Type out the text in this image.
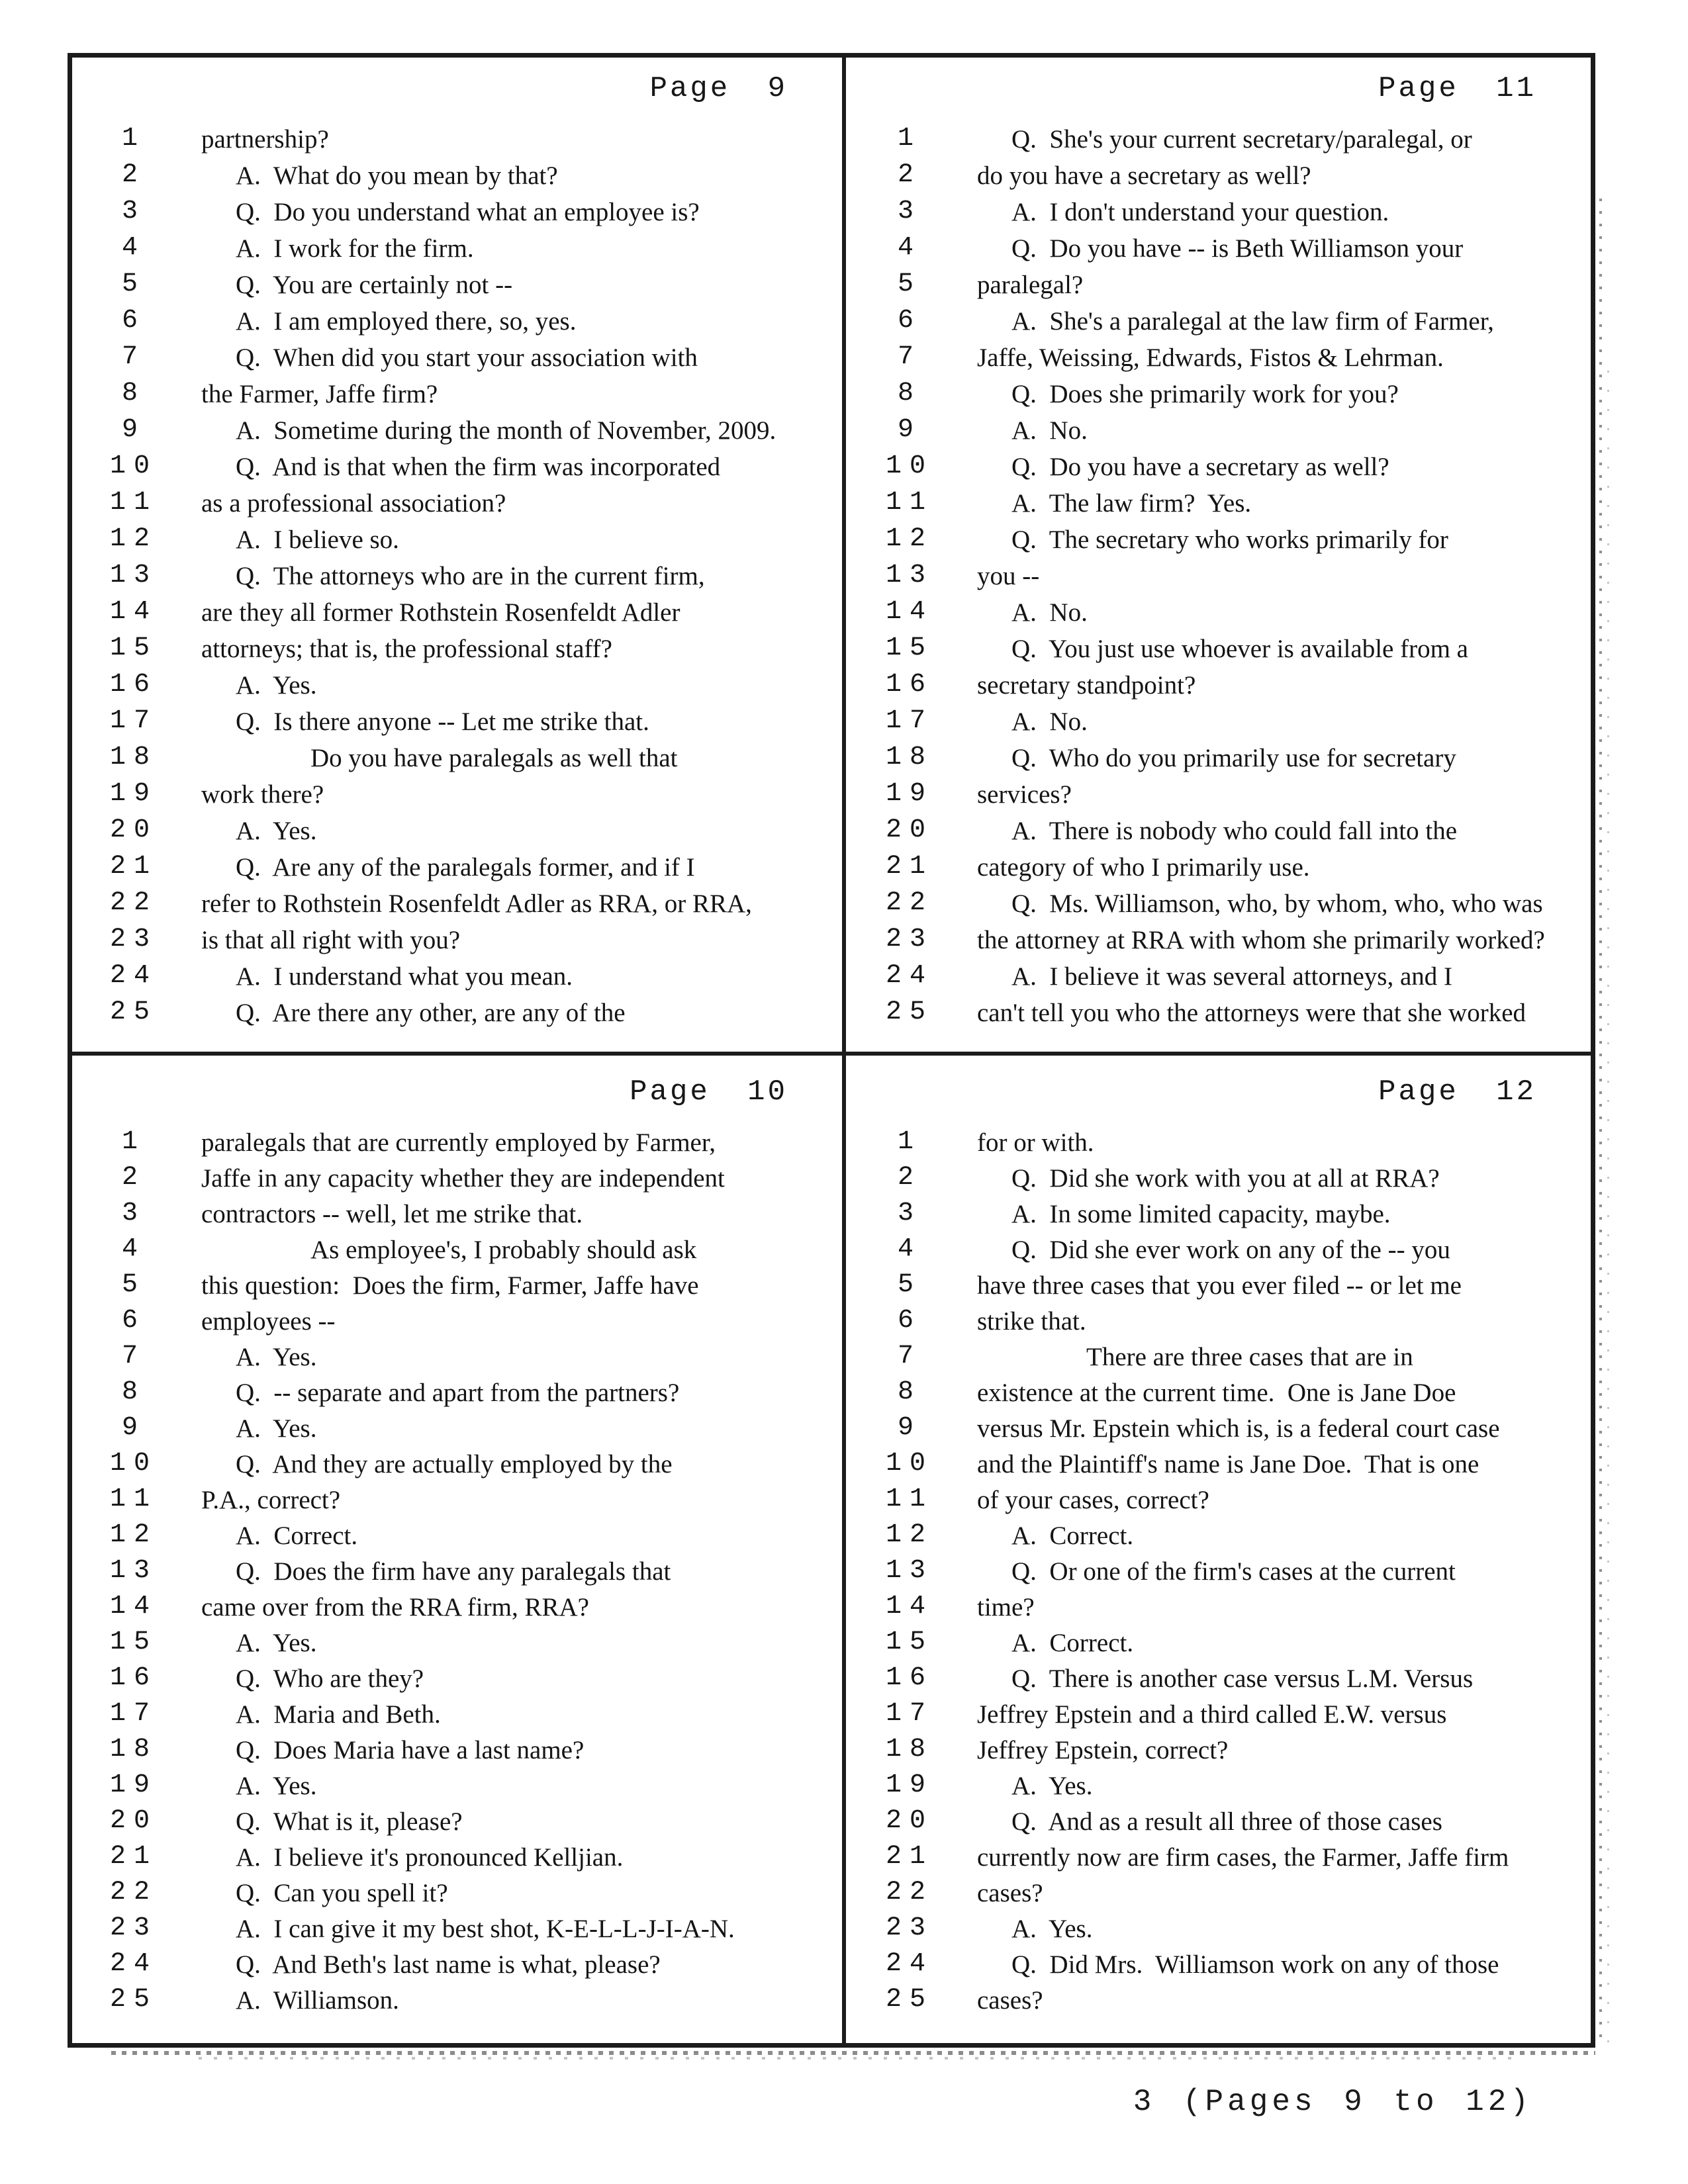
Page 9
1	partnership?
2	A.  What do you mean by that?
3	Q.  Do you understand what an employee is?
4	A.  I work for the firm.
5	Q.  You are certainly not --
6	A.  I am employed there, so, yes.
7	Q.  When did you start your association with
8	the Farmer, Jaffe firm?
9	A.  Sometime during the month of November, 2009.
10	Q.  And is that when the firm was incorporated
11	as a professional association?
12	A.  I believe so.
13	Q.  The attorneys who are in the current firm,
14	are they all former Rothstein Rosenfeldt Adler
15	attorneys; that is, the professional staff?
16	A.  Yes.
17	Q.  Is there anyone -- Let me strike that.
18	Do you have paralegals as well that
19	work there?
20	A.  Yes.
21	Q.  Are any of the paralegals former, and if I
22	refer to Rothstein Rosenfeldt Adler as RRA, or RRA,
23	is that all right with you?
24	A.  I understand what you mean.
25	Q.  Are there any other, are any of the
Page 11
1	Q.  She's your current secretary/paralegal, or
2	do you have a secretary as well?
3	A.  I don't understand your question.
4	Q.  Do you have -- is Beth Williamson your
5	paralegal?
6	A.  She's a paralegal at the law firm of Farmer,
7	Jaffe, Weissing, Edwards, Fistos & Lehrman.
8	Q.  Does she primarily work for you?
9	A.  No.
10	Q.  Do you have a secretary as well?
11	A.  The law firm?  Yes.
12	Q.  The secretary who works primarily for
13	you --
14	A.  No.
15	Q.  You just use whoever is available from a
16	secretary standpoint?
17	A.  No.
18	Q.  Who do you primarily use for secretary
19	services?
20	A.  There is nobody who could fall into the
21	category of who I primarily use.
22	Q.  Ms. Williamson, who, by whom, who, who was
23	the attorney at RRA with whom she primarily worked?
24	A.  I believe it was several attorneys, and I
25	can't tell you who the attorneys were that she worked
Page 10
1	paralegals that are currently employed by Farmer,
2	Jaffe in any capacity whether they are independent
3	contractors -- well, let me strike that.
4	As employee's, I probably should ask
5	this question:  Does the firm, Farmer, Jaffe have
6	employees --
7	A.  Yes.
8	Q.  -- separate and apart from the partners?
9	A.  Yes.
10	Q.  And they are actually employed by the
11	P.A., correct?
12	A.  Correct.
13	Q.  Does the firm have any paralegals that
14	came over from the RRA firm, RRA?
15	A.  Yes.
16	Q.  Who are they?
17	A.  Maria and Beth.
18	Q.  Does Maria have a last name?
19	A.  Yes.
20	Q.  What is it, please?
21	A.  I believe it's pronounced Kelljian.
22	Q.  Can you spell it?
23	A.  I can give it my best shot, K-E-L-L-J-I-A-N.
24	Q.  And Beth's last name is what, please?
25	A.  Williamson.
Page 12
1	for or with.
2	Q.  Did she work with you at all at RRA?
3	A.  In some limited capacity, maybe.
4	Q.  Did she ever work on any of the -- you
5	have three cases that you ever filed -- or let me
6	strike that.
7	There are three cases that are in
8	existence at the current time.  One is Jane Doe
9	versus Mr. Epstein which is, is a federal court case
10	and the Plaintiff's name is Jane Doe.  That is one
11	of your cases, correct?
12	A.  Correct.
13	Q.  Or one of the firm's cases at the current
14	time?
15	A.  Correct.
16	Q.  There is another case versus L.M. Versus
17	Jeffrey Epstein and a third called E.W. versus
18	Jeffrey Epstein, correct?
19	A.  Yes.
20	Q.  And as a result all three of those cases
21	currently now are firm cases, the Farmer, Jaffe firm
22	cases?
23	A.  Yes.
24	Q.  Did Mrs.  Williamson work on any of those
25	cases?
3 (Pages 9 to 12)
